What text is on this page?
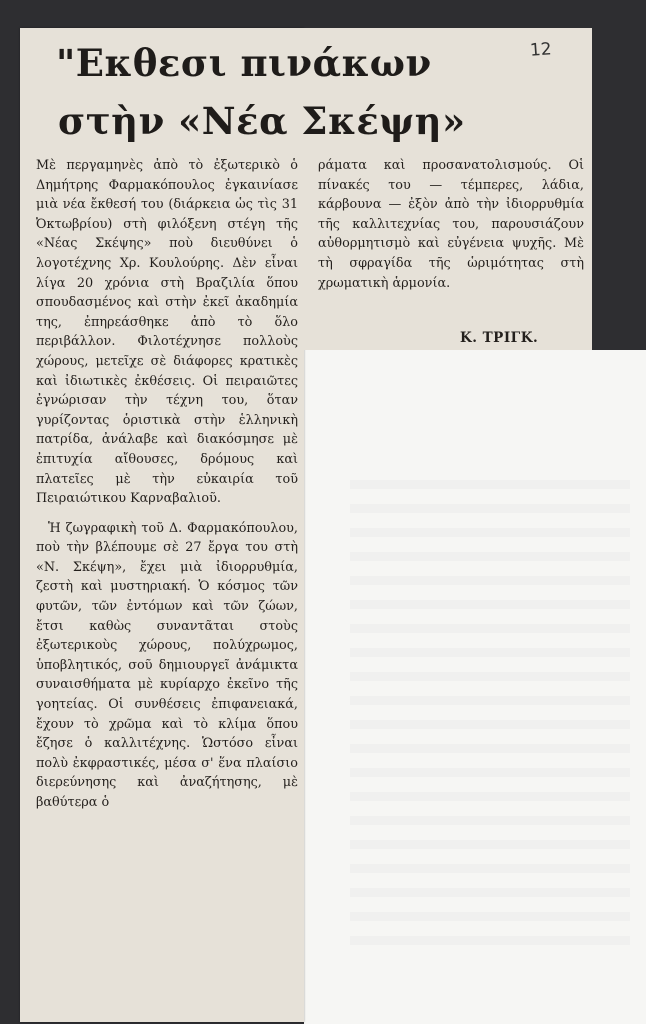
"Εκθεσι πινάκων
στὴν «Νέα Σκέψη»
12

Μὲ περγαμηνὲς ἀπὸ τὸ ἐξωτερικὸ ὁ Δημήτρης Φαρμακόπουλος ἐγκαινίασε μιὰ νέα ἔκθεσή του (διάρκεια ὡς τὶς 31 Ὀκτωβρίου) στὴ φιλόξενη στέγη τῆς «Νέας Σκέψης» ποὺ διευθύνει ὁ λογοτέχνης Χρ. Κουλούρης. Δὲν εἶναι λίγα 20 χρόνια στὴ Βραζιλία ὅπου σπουδασμένος καὶ στὴν ἐκεῖ ἀκαδημία της, ἐπηρεάσθηκε ἀπὸ τὸ ὅλο περιβάλλον. Φιλοτέχνησε πολλοὺς χώρους, μετεῖχε σὲ διάφορες κρατικὲς καὶ ἰδιωτικὲς ἐκθέσεις. Οἱ πειραιῶτες ἐγνώρισαν τὴν τέχνη του, ὅταν γυρίζοντας ὁριστικὰ στὴν ἑλληνικὴ πατρίδα, ἀνάλαβε καὶ διακόσμησε μὲ ἐπιτυχία αἴθουσες, δρόμους καὶ πλατεῖες μὲ τὴν εὐκαιρία τοῦ Πειραιώτικου Καρναβαλιοῦ.

Ἡ ζωγραφικὴ τοῦ Δ. Φαρμακόπουλου, ποὺ τὴν βλέπουμε σὲ 27 ἔργα του στὴ «Ν. Σκέψη», ἔχει μιὰ ἰδιορρυθμία, ζεστὴ καὶ μυστηριακή. Ὁ κόσμος τῶν φυτῶν, τῶν ἐντόμων καὶ τῶν ζώων, ἔτσι καθὼς συναντᾶται στοὺς ἐξωτερικοὺς χώρους, πολύχρωμος, ὑποβλητικός, σοῦ δημιουργεῖ ἀνάμικτα συναισθήματα μὲ κυρίαρχο ἐκεῖνο τῆς γοητείας. Οἱ συνθέσεις ἐπιφανειακά, ἔχουν τὸ χρῶμα καὶ τὸ κλίμα ὅπου ἔζησε ὁ καλλιτέχνης. Ὡστόσο εἶναι πολὺ ἐκφραστικές, μέσα σ' ἕνα πλαίσιο διερεύνησης καὶ ἀναζήτησης, μὲ βαθύτερα ὁ

ράματα καὶ προσανατολισμούς. Οἱ πίνακές του — τέμπερες, λάδια, κάρβουνα — ἐξὸν ἀπὸ τὴν ἰδιορρυθμία τῆς καλλιτεχνίας του, παρουσιάζουν αὐθορμητισμὸ καὶ εὐγένεια ψυχῆς. Μὲ τὴ σφραγίδα τῆς ὡριμότητας στὴ χρωματικὴ ἁρμονία.

Κ. ΤΡΙΓΚ.
